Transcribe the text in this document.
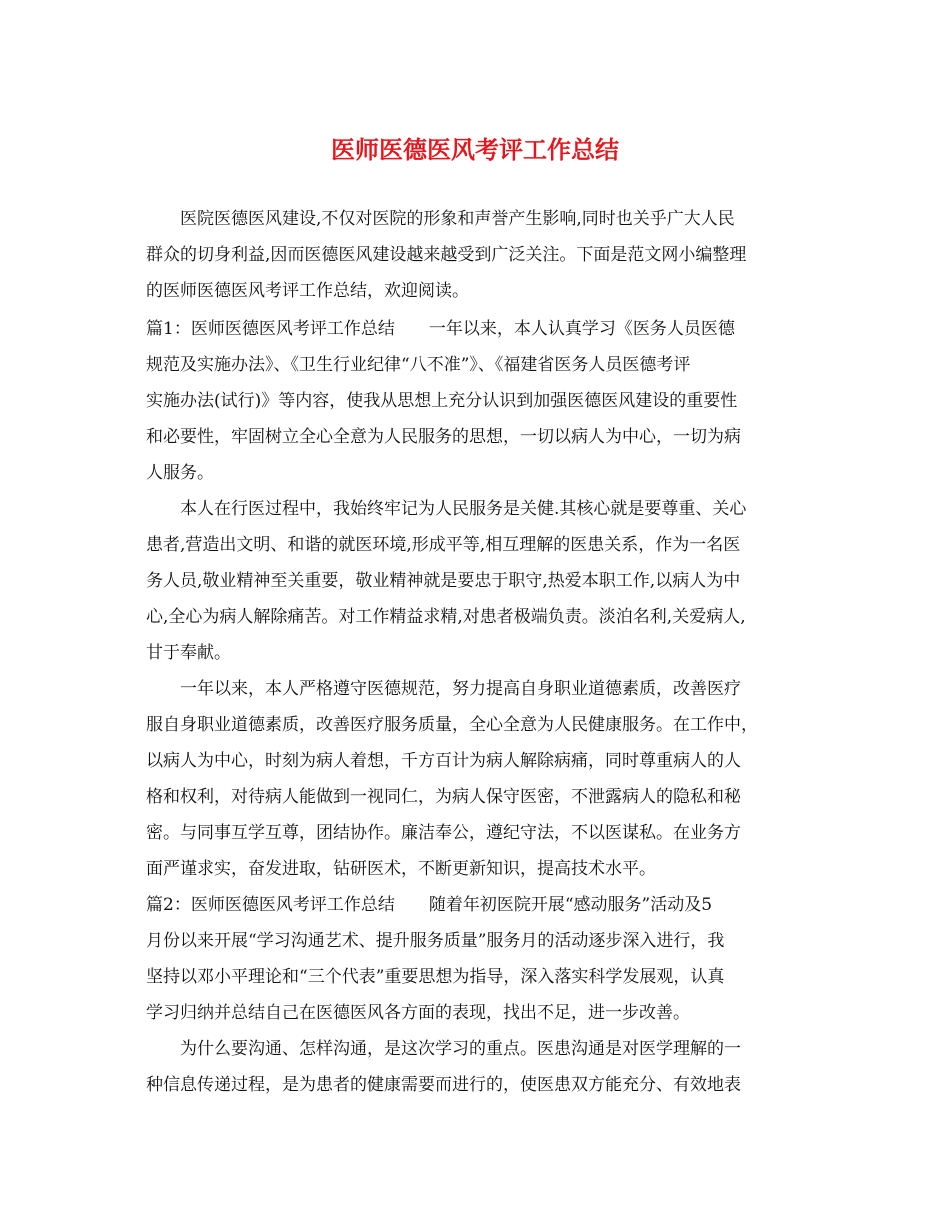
医师医德医风考评工作总结
　　医院医德医风建设,不仅对医院的形象和声誉产生影响,同时也关乎广大人民
群众的切身利益,因而医德医风建设越来越受到广泛关注。下面是范文网小编整理
的医师医德医风考评工作总结，欢迎阅读。
篇1：医师医德医风考评工作总结　　一年以来，本人认真学习《医务人员医德
规范及实施办法》、《卫生行业纪律“八不准”》、《福建省医务人员医德考评
实施办法(试行)》等内容，使我从思想上充分认识到加强医德医风建设的重要性
和必要性，牢固树立全心全意为人民服务的思想，一切以病人为中心，一切为病
人服务。
　　本人在行医过程中，我始终牢记为人民服务是关健.其核心就是要尊重、关心
患者,营造出文明、和谐的就医环境,形成平等,相互理解的医患关系，作为一名医
务人员,敬业精神至关重要，敬业精神就是要忠于职守,热爱本职工作,以病人为中
心,全心为病人解除痛苦。对工作精益求精,对患者极端负责。淡泊名利,关爱病人,
甘于奉献。
　　一年以来，本人严格遵守医德规范，努力提高自身职业道德素质，改善医疗
服自身职业道德素质，改善医疗服务质量，全心全意为人民健康服务。在工作中，
以病人为中心，时刻为病人着想，千方百计为病人解除病痛，同时尊重病人的人
格和权利，对待病人能做到一视同仁，为病人保守医密，不泄露病人的隐私和秘
密。与同事互学互尊，团结协作。廉洁奉公，遵纪守法，不以医谋私。在业务方
面严谨求实，奋发进取，钻研医术，不断更新知识，提高技术水平。
篇2：医师医德医风考评工作总结　　随着年初医院开展“感动服务”活动及5
月份以来开展“学习沟通艺术、提升服务质量”服务月的活动逐步深入进行，我
坚持以邓小平理论和“三个代表”重要思想为指导，深入落实科学发展观，认真
学习归纳并总结自己在医德医风各方面的表现，找出不足，进一步改善。
　　为什么要沟通、怎样沟通，是这次学习的重点。医患沟通是对医学理解的一
种信息传递过程，是为患者的健康需要而进行的，使医患双方能充分、有效地表
